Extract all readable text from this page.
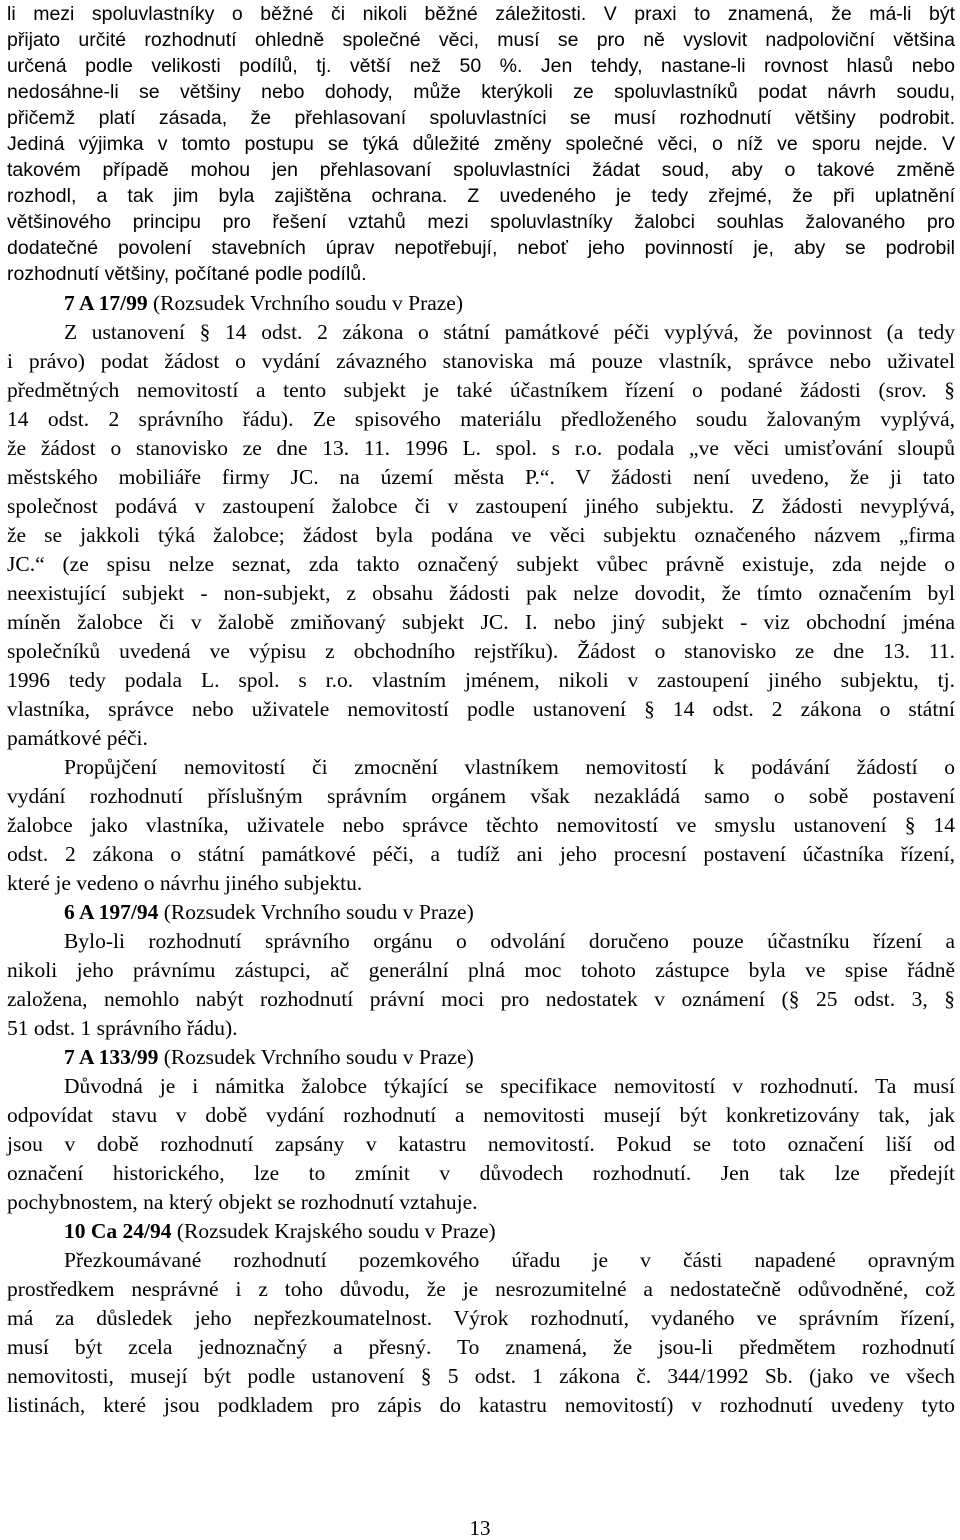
li mezi spoluvlastníky o běžné či nikoli běžné záležitosti. V praxi to znamená, že má-li být
přijato určité rozhodnutí ohledně společné věci, musí se pro ně vyslovit nadpoloviční většina
určená podle velikosti podílů, tj. větší než 50 %. Jen tehdy, nastane-li rovnost hlasů nebo
nedosáhne-li se většiny nebo dohody, může kterýkoli ze spoluvlastníků podat návrh soudu,
přičemž platí zásada, že přehlasovaní spoluvlastníci se musí rozhodnutí většiny podrobit.
Jediná výjimka v tomto postupu se týká důležité změny společné věci, o níž ve sporu nejde. V
takovém případě mohou jen přehlasovaní spoluvlastníci žádat soud, aby o takové změně
rozhodl, a tak jim byla zajištěna ochrana. Z uvedeného je tedy zřejmé, že při uplatnění
většinového principu pro řešení vztahů mezi spoluvlastníky žalobci souhlas žalovaného pro
dodatečné povolení stavebních úprav nepotřebují, neboť jeho povinností je, aby se podrobil
rozhodnutí většiny, počítané podle podílů.
7 A 17/99 (Rozsudek Vrchního soudu v Praze)
Z ustanovení § 14 odst. 2 zákona o státní památkové péči vyplývá, že povinnost (a tedy
i právo) podat žádost o vydání závazného stanoviska má pouze vlastník, správce nebo uživatel
předmětných nemovitostí a tento subjekt je také účastníkem řízení o podané žádosti (srov. §
14 odst. 2 správního řádu). Ze spisového materiálu předloženého soudu žalovaným vyplývá,
že žádost o stanovisko ze dne 13. 11. 1996 L. spol. s r.o. podala „ve věci umisťování sloupů
městského mobiliáře firmy JC. na území města P.“. V žádosti není uvedeno, že ji tato
společnost podává v zastoupení žalobce či v zastoupení jiného subjektu. Z žádosti nevyplývá,
že se jakkoli týká žalobce; žádost byla podána ve věci subjektu označeného názvem „firma
JC.“ (ze spisu nelze seznat, zda takto označený subjekt vůbec právně existuje, zda nejde o
neexistující subjekt - non-subjekt, z obsahu žádosti pak nelze dovodit, že tímto označením byl
míněn žalobce či v žalobě zmiňovaný subjekt JC. I. nebo jiný subjekt - viz obchodní jména
společníků uvedená ve výpisu z obchodního rejstříku). Žádost o stanovisko ze dne 13. 11.
1996 tedy podala L. spol. s r.o. vlastním jménem, nikoli v zastoupení jiného subjektu, tj.
vlastníka, správce nebo uživatele nemovitostí podle ustanovení § 14 odst. 2 zákona o státní
památkové péči.
Propůjčení nemovitostí či zmocnění vlastníkem nemovitostí k podávání žádostí o
vydání rozhodnutí příslušným správním orgánem však nezakládá samo o sobě postavení
žalobce jako vlastníka, uživatele nebo správce těchto nemovitostí ve smyslu ustanovení § 14
odst. 2 zákona o státní památkové péči, a tudíž ani jeho procesní postavení účastníka řízení,
které je vedeno o návrhu jiného subjektu.
6 A 197/94 (Rozsudek Vrchního soudu v Praze)
Bylo-li rozhodnutí správního orgánu o odvolání doručeno pouze účastníku řízení a
nikoli jeho právnímu zástupci, ač generální plná moc tohoto zástupce byla ve spise řádně
založena, nemohlo nabýt rozhodnutí právní moci pro nedostatek v oznámení (§ 25 odst. 3, §
51 odst. 1 správního řádu).
7 A 133/99 (Rozsudek Vrchního soudu v Praze)
Důvodná je i námitka žalobce týkající se specifikace nemovitostí v rozhodnutí. Ta musí
odpovídat stavu v době vydání rozhodnutí a nemovitosti musejí být konkretizovány tak, jak
jsou v době rozhodnutí zapsány v katastru nemovitostí. Pokud se toto označení liší od
označení historického, lze to zmínit v důvodech rozhodnutí. Jen tak lze předejít
pochybnostem, na který objekt se rozhodnutí vztahuje.
10 Ca 24/94 (Rozsudek Krajského soudu v Praze)
Přezkoumávané rozhodnutí pozemkového úřadu je v části napadené opravným
prostředkem nesprávné i z toho důvodu, že je nesrozumitelné a nedostatečně odůvodněné, což
má za důsledek jeho nepřezkoumatelnost. Výrok rozhodnutí, vydaného ve správním řízení,
musí být zcela jednoznačný a přesný. To znamená, že jsou-li předmětem rozhodnutí
nemovitosti, musejí být podle ustanovení § 5 odst. 1 zákona č. 344/1992 Sb. (jako ve všech
listinách, které jsou podkladem pro zápis do katastru nemovitostí) v rozhodnutí uvedeny tyto
13
